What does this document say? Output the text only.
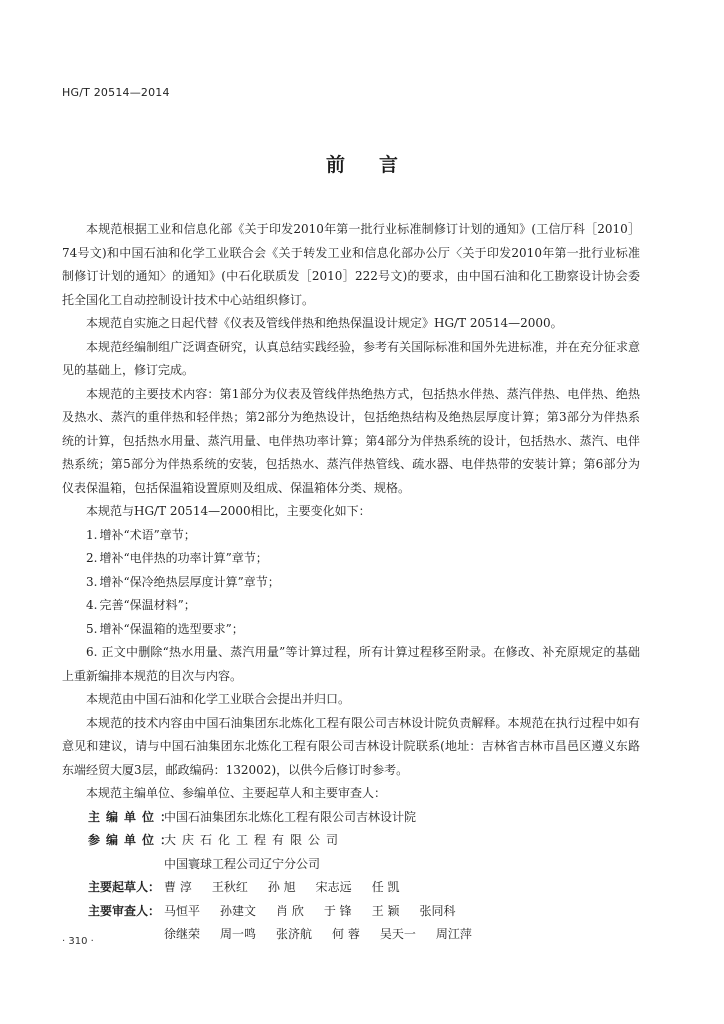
HG/T 20514—2014
前言

本规范根据工业和信息化部《关于印发2010年第一批行业标准制修订计划的通知》(工信厅科［2010］74号文)和中国石油和化学工业联合会《关于转发工业和信息化部办公厅〈关于印发2010年第一批行业标准制修订计划的通知〉的通知》(中石化联质发［2010］222号文)的要求，由中国石油和化工勘察设计协会委托全国化工自动控制设计技术中心站组织修订。

本规范自实施之日起代替《仪表及管线伴热和绝热保温设计规定》HG/T 20514—2000。

本规范经编制组广泛调查研究，认真总结实践经验，参考有关国际标准和国外先进标准，并在充分征求意见的基础上，修订完成。

本规范的主要技术内容：第1部分为仪表及管线伴热绝热方式，包括热水伴热、蒸汽伴热、电伴热、绝热及热水、蒸汽的重伴热和轻伴热；第2部分为绝热设计，包括绝热结构及绝热层厚度计算；第3部分为伴热系统的计算，包括热水用量、蒸汽用量、电伴热功率计算；第4部分为伴热系统的设计，包括热水、蒸汽、电伴热系统；第5部分为伴热系统的安装，包括热水、蒸汽伴热管线、疏水器、电伴热带的安装计算；第6部分为仪表保温箱，包括保温箱设置原则及组成、保温箱体分类、规格。

本规范与HG/T 20514—2000相比，主要变化如下：

1. 增补“术语”章节；

2. 增补“电伴热的功率计算”章节；

3. 增补“保冷绝热层厚度计算”章节；

4. 完善“保温材料”；

5. 增补“保温箱的选型要求”；

6. 正文中删除“热水用量、蒸汽用量”等计算过程，所有计算过程移至附录。在修改、补充原规定的基础上重新编排本规范的目次与内容。

本规范由中国石油和化学工业联合会提出并归口。

本规范的技术内容由中国石油集团东北炼化工程有限公司吉林设计院负责解释。本规范在执行过程中如有意见和建议，请与中国石油集团东北炼化工程有限公司吉林设计院联系(地址：吉林省吉林市昌邑区遵义东路东端经贸大厦3层，邮政编码：132002)，以供今后修订时参考。

本规范主编单位、参编单位、主要起草人和主要审查人：

主编单位：
中国石油集团东北炼化工程有限公司吉林设计院
参编单位：
大庆石化工程有限公司
中国寰球工程公司辽宁分公司
主要起草人： 曹 淳 王秋红 孙 旭 宋志远 任 凯
主要审查人： 马恒平 孙建文 肖 欣 于 锋 王 颖 张同科
徐继荣 周一鸣 张济航 何 蓉 吴天一 周江萍
· 310 ·
